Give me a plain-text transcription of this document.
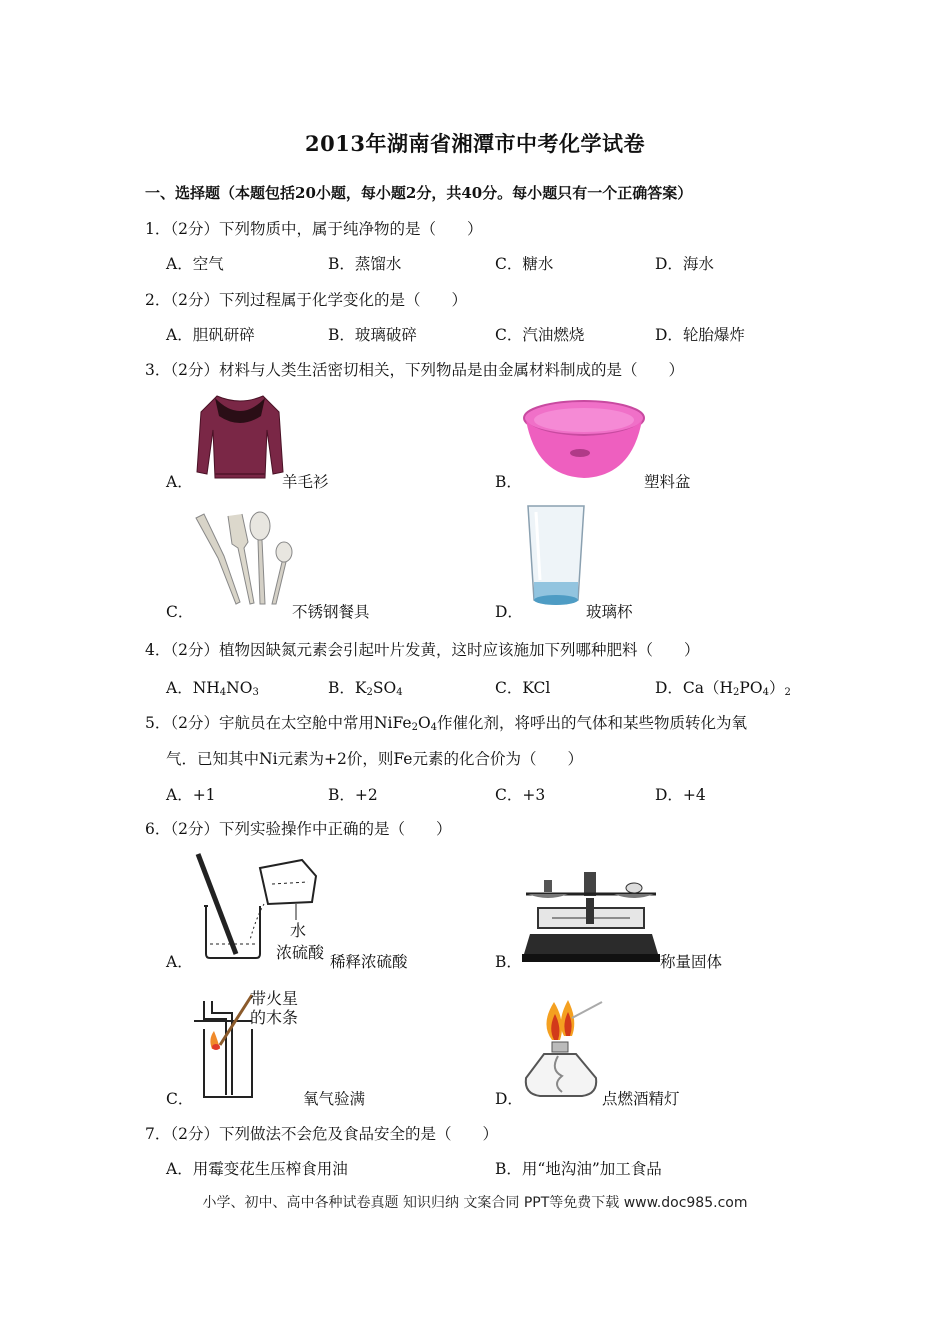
2013年湖南省湘潭市中考化学试卷
一、选择题（本题包括20小题，每小题2分，共40分。每小题只有一个正确答案）
1．（2分）下列物质中，属于纯净物的是（　　）
A．空气	B．蒸馏水	C．糖水	D．海水
2．（2分）下列过程属于化学变化的是（　　）
A．胆矾研碎	B．玻璃破碎	C．汽油燃烧	D．轮胎爆炸
3．（2分）材料与人类生活密切相关，下列物品是由金属材料制成的是（　　）
A．	羊毛衫	B．	塑料盆
C．	不锈钢餐具	D．	玻璃杯
4．（2分）植物因缺氮元素会引起叶片发黄，这时应该施加下列哪种肥料（　　）
A．$NH_4NO_3$	B．$K_2SO_4$	C．KCl	D．$Ca(H_2PO_4)_2$
5．（2分）宇航员在太空舱中常用$NiFe_2O_4$作催化剂，将呼出的气体和某些物质转化为氧
气．已知其中Ni元素为+2价，则Fe元素的化合价为（　　）
A．+1	B．+2	C．+3	D．+4
6．（2分）下列实验操作中正确的是（　　）
A．
水
浓硫酸 稀释浓硫酸	B．	称量固体
C．
带火星
的木条
氧气验满	D．	点燃酒精灯
7．（2分）下列做法不会危及食品安全的是（　　）
A．用霉变花生压榨食用油	B．用“地沟油”加工食品
小学、初中、高中各种试卷真题 知识归纳 文案合同 PPT等免费下载 www.doc985.com
